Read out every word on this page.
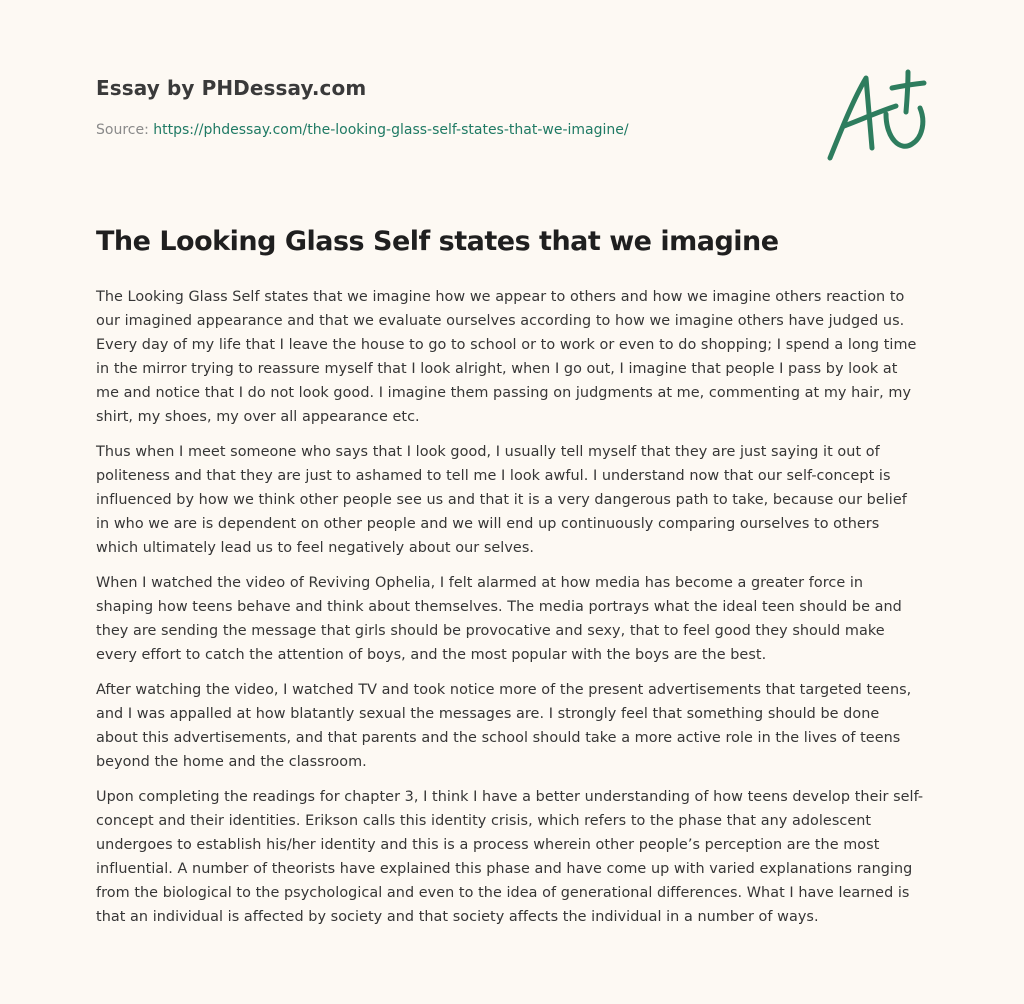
Essay by PHDessay.com
Source: https://phdessay.com/the-looking-glass-self-states-that-we-imagine/
The Looking Glass Self states that we imagine

The Looking Glass Self states that we imagine how we appear to others and how we imagine others reaction to our imagined appearance and that we evaluate ourselves according to how we imagine others have judged us. Every day of my life that I leave the house to go to school or to work or even to do shopping; I spend a long time in the mirror trying to reassure myself that I look alright, when I go out, I imagine that people I pass by look at me and notice that I do not look good. I imagine them passing on judgments at me, commenting at my hair, my shirt, my shoes, my over all appearance etc.

Thus when I meet someone who says that I look good, I usually tell myself that they are just saying it out of politeness and that they are just to ashamed to tell me I look awful. I understand now that our self-concept is influenced by how we think other people see us and that it is a very dangerous path to take, because our belief in who we are is dependent on other people and we will end up continuously comparing ourselves to others which ultimately lead us to feel negatively about our selves.

When I watched the video of Reviving Ophelia, I felt alarmed at how media has become a greater force in shaping how teens behave and think about themselves. The media portrays what the ideal teen should be and they are sending the message that girls should be provocative and sexy, that to feel good they should make every effort to catch the attention of boys, and the most popular with the boys are the best.

After watching the video, I watched TV and took notice more of the present advertisements that targeted teens, and I was appalled at how blatantly sexual the messages are. I strongly feel that something should be done about this advertisements, and that parents and the school should take a more active role in the lives of teens beyond the home and the classroom.

Upon completing the readings for chapter 3, I think I have a better understanding of how teens develop their self-concept and their identities. Erikson calls this identity crisis, which refers to the phase that any adolescent undergoes to establish his/her identity and this is a process wherein other people’s perception are the most influential. A number of theorists have explained this phase and have come up with varied explanations ranging from the biological to the psychological and even to the idea of generational differences. What I have learned is that an individual is affected by society and that society affects the individual in a number of ways.
